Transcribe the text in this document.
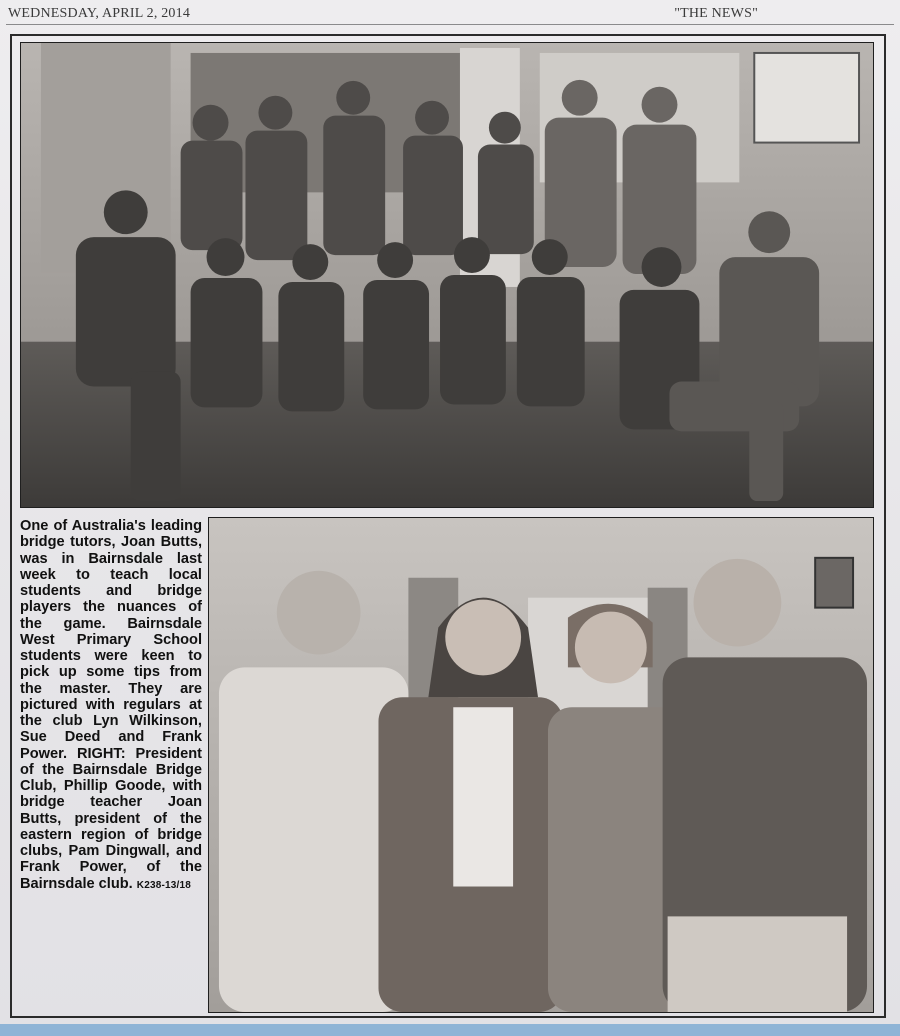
WEDNESDAY, APRIL 2, 2014	"THE NEWS"
One of Australia's leading bridge tutors, Joan Butts, was in Bairnsdale last week to teach local students and bridge players the nuances of the game. Bairnsdale West Primary School students were keen to pick up some tips from the master. They are pictured with regulars at the club Lyn Wilkinson, Sue Deed and Frank Power. RIGHT: President of the Bairnsdale Bridge Club, Phillip Goode, with bridge teacher Joan Butts, president of the eastern region of bridge clubs, Pam Dingwall, and Frank Power, of the Bairnsdale club. K238-13/18
